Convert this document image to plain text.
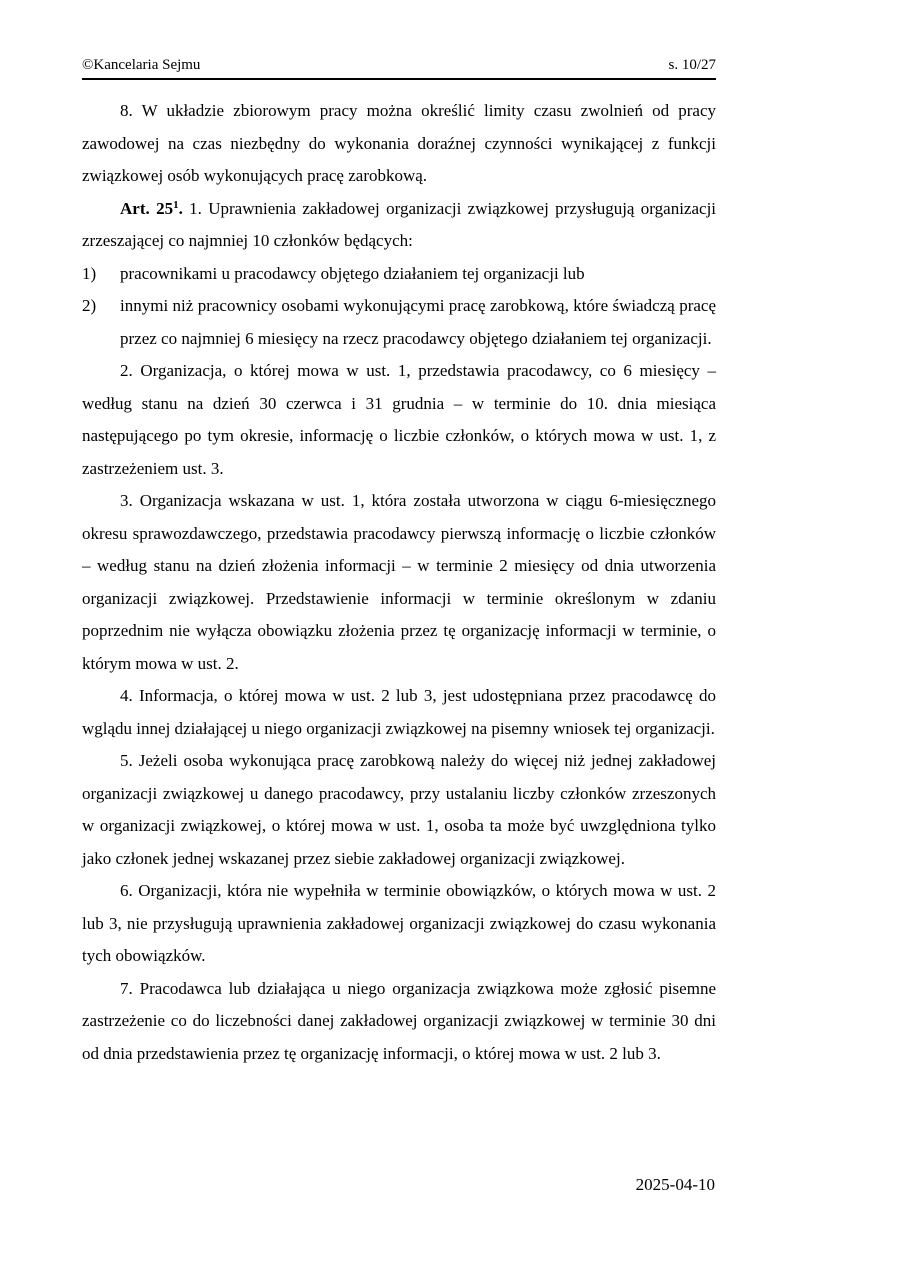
©Kancelaria Sejmu	s. 10/27

8. W układzie zbiorowym pracy można określić limity czasu zwolnień od pracy zawodowej na czas niezbędny do wykonania doraźnej czynności wynikającej z funkcji związkowej osób wykonujących pracę zarobkową.

Art. $25^1$. 1. Uprawnienia zakładowej organizacji związkowej przysługują organizacji zrzeszającej co najmniej 10 członków będących:

1) pracownikami u pracodawcy objętego działaniem tej organizacji lub

2) innymi niż pracownicy osobami wykonującymi pracę zarobkową, które świadczą pracę przez co najmniej 6 miesięcy na rzecz pracodawcy objętego działaniem tej organizacji.

2. Organizacja, o której mowa w ust. 1, przedstawia pracodawcy, co 6 miesięcy – według stanu na dzień 30 czerwca i 31 grudnia – w terminie do 10. dnia miesiąca następującego po tym okresie, informację o liczbie członków, o których mowa w ust. 1, z zastrzeżeniem ust. 3.

3. Organizacja wskazana w ust. 1, która została utworzona w ciągu 6-miesięcznego okresu sprawozdawczego, przedstawia pracodawcy pierwszą informację o liczbie członków – według stanu na dzień złożenia informacji – w terminie 2 miesięcy od dnia utworzenia organizacji związkowej. Przedstawienie informacji w terminie określonym w zdaniu poprzednim nie wyłącza obowiązku złożenia przez tę organizację informacji w terminie, o którym mowa w ust. 2.

4. Informacja, o której mowa w ust. 2 lub 3, jest udostępniana przez pracodawcę do wglądu innej działającej u niego organizacji związkowej na pisemny wniosek tej organizacji.

5. Jeżeli osoba wykonująca pracę zarobkową należy do więcej niż jednej zakładowej organizacji związkowej u danego pracodawcy, przy ustalaniu liczby członków zrzeszonych w organizacji związkowej, o której mowa w ust. 1, osoba ta może być uwzględniona tylko jako członek jednej wskazanej przez siebie zakładowej organizacji związkowej.

6. Organizacji, która nie wypełniła w terminie obowiązków, o których mowa w ust. 2 lub 3, nie przysługują uprawnienia zakładowej organizacji związkowej do czasu wykonania tych obowiązków.

7. Pracodawca lub działająca u niego organizacja związkowa może zgłosić pisemne zastrzeżenie co do liczebności danej zakładowej organizacji związkowej w terminie 30 dni od dnia przedstawienia przez tę organizację informacji, o której mowa w ust. 2 lub 3.

2025-04-10
